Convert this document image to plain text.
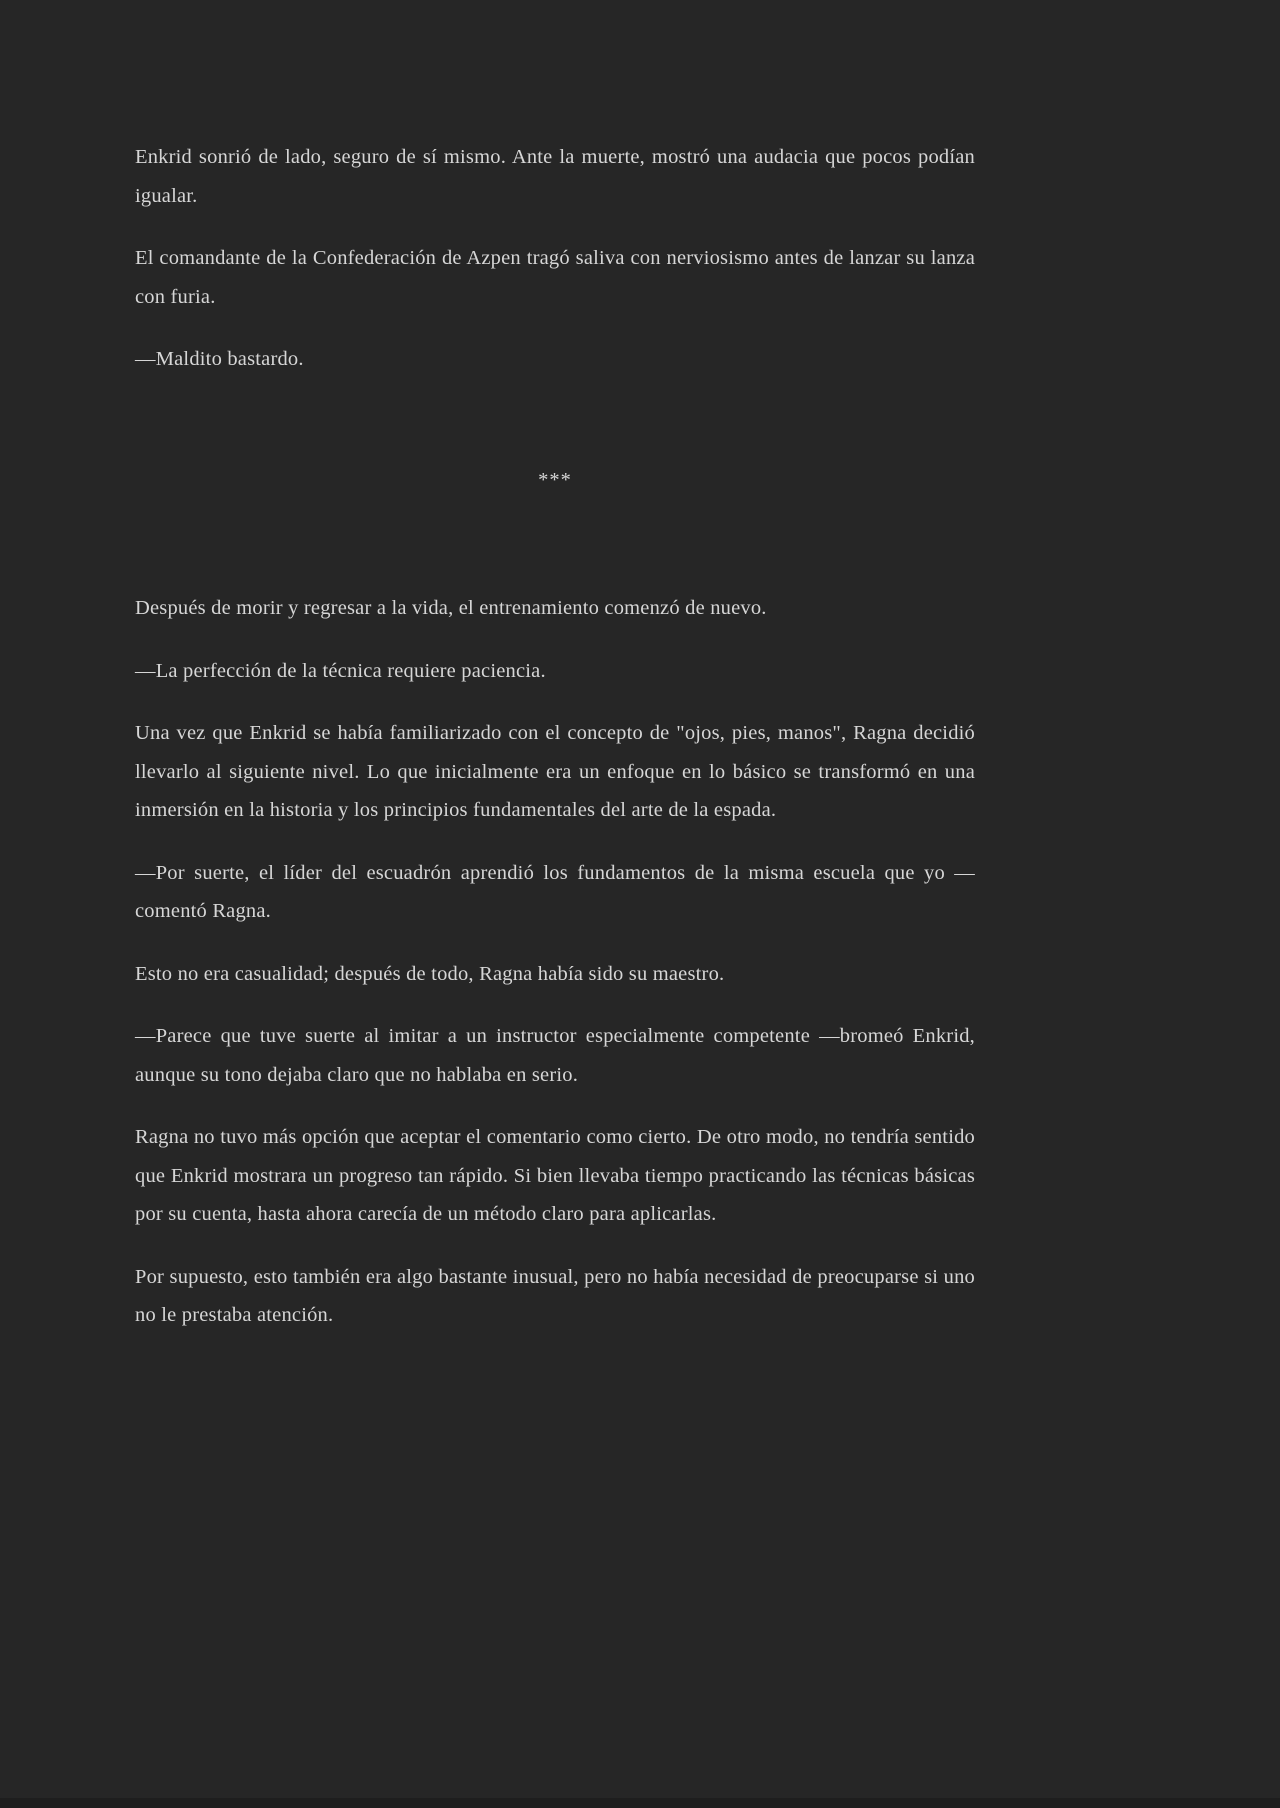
Enkrid sonrió de lado, seguro de sí mismo. Ante la muerte, mostró una audacia que pocos podían igualar.

El comandante de la Confederación de Azpen tragó saliva con nerviosismo antes de lanzar su lanza con furia.

—Maldito bastardo.

***

Después de morir y regresar a la vida, el entrenamiento comenzó de nuevo.

—La perfección de la técnica requiere paciencia.

Una vez que Enkrid se había familiarizado con el concepto de "ojos, pies, manos", Ragna decidió llevarlo al siguiente nivel. Lo que inicialmente era un enfoque en lo básico se transformó en una inmersión en la historia y los principios fundamentales del arte de la espada.

—Por suerte, el líder del escuadrón aprendió los fundamentos de la misma escuela que yo —comentó Ragna.

Esto no era casualidad; después de todo, Ragna había sido su maestro.

—Parece que tuve suerte al imitar a un instructor especialmente competente —bromeó Enkrid, aunque su tono dejaba claro que no hablaba en serio.

Ragna no tuvo más opción que aceptar el comentario como cierto. De otro modo, no tendría sentido que Enkrid mostrara un progreso tan rápido. Si bien llevaba tiempo practicando las técnicas básicas por su cuenta, hasta ahora carecía de un método claro para aplicarlas.

Por supuesto, esto también era algo bastante inusual, pero no había necesidad de preocuparse si uno no le prestaba atención.
